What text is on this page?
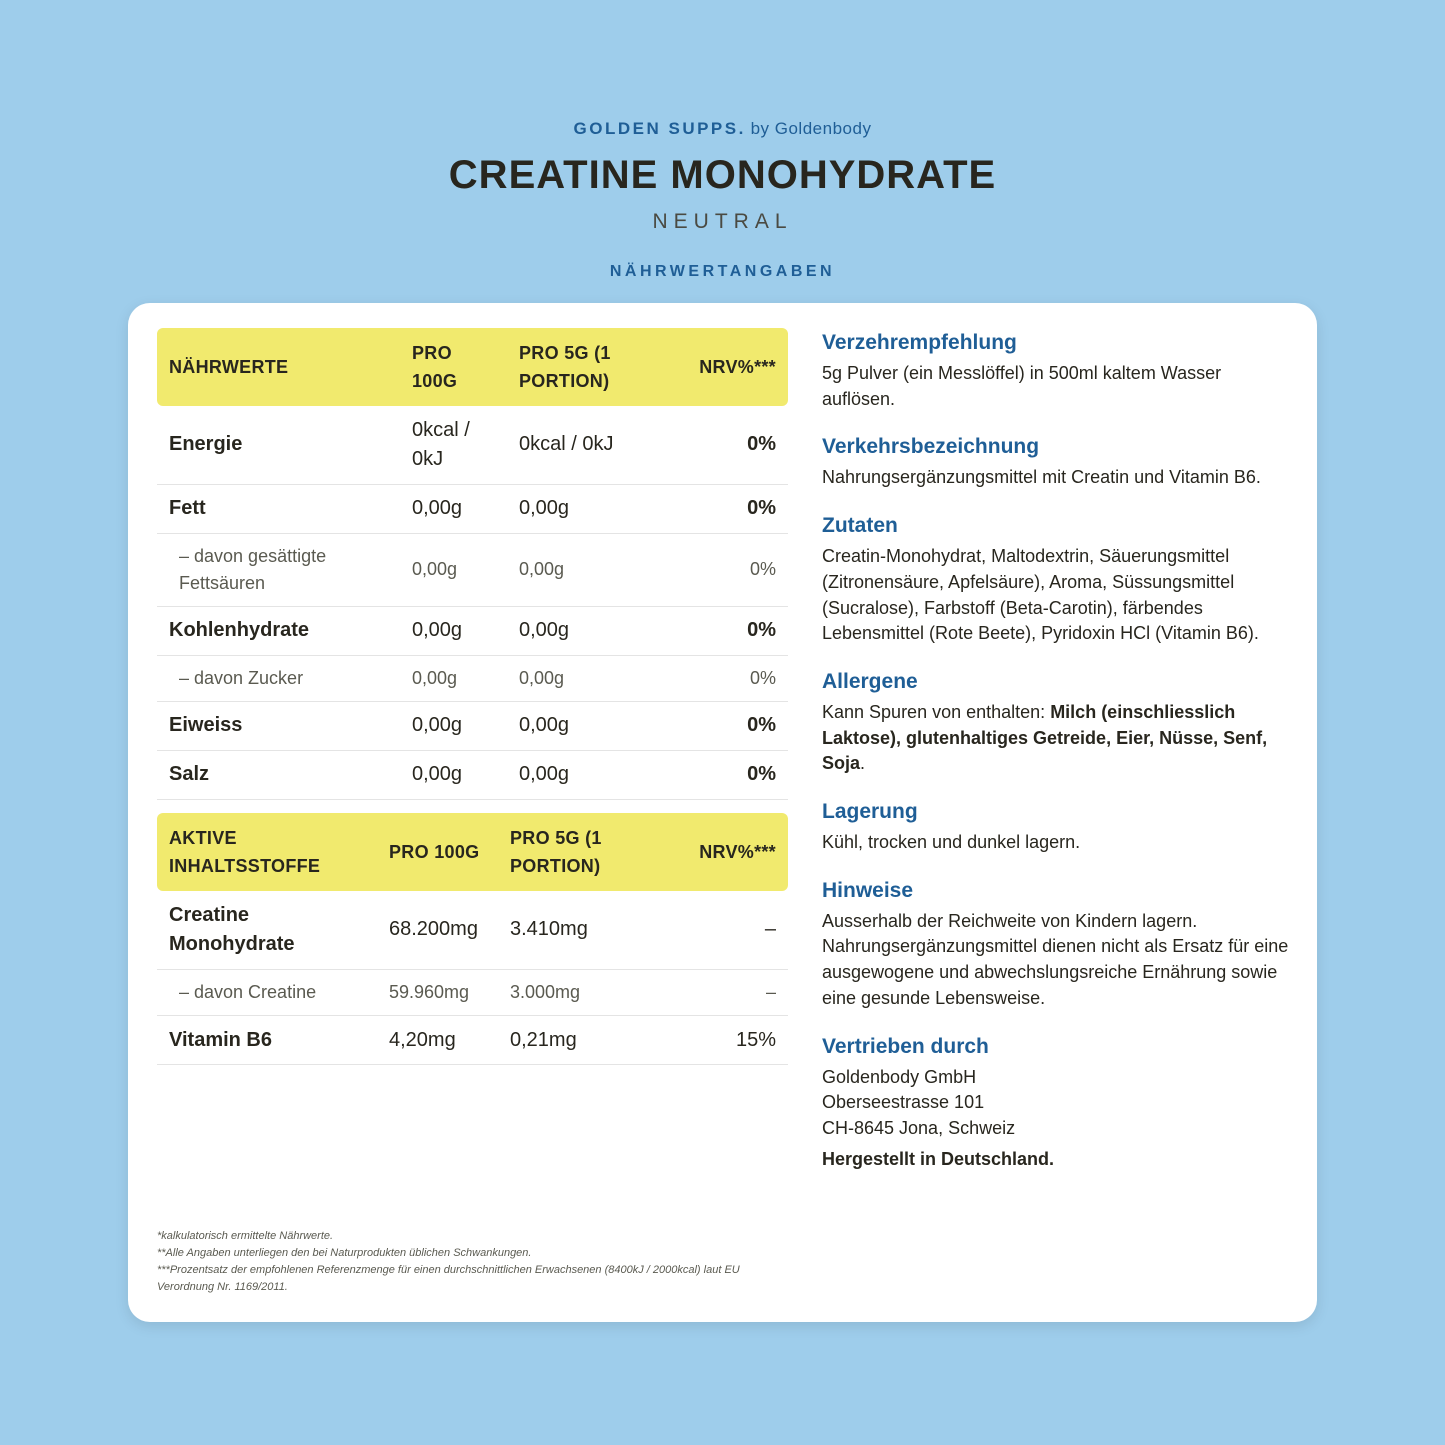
GOLDEN SUPPS. by Goldenbody
CREATINE MONOHYDRATE
NEUTRAL
NÄHRWERTANGABEN
NÄHRWERTE	PRO 100G	PRO 5G (1 PORTION)	NRV%***
Energie	0kcal / 0kJ	0kcal / 0kJ	0%
Fett	0,00g	0,00g	0%
– davon gesättigte Fettsäuren	0,00g	0,00g	0%
Kohlenhydrate	0,00g	0,00g	0%
– davon Zucker	0,00g	0,00g	0%
Eiweiss	0,00g	0,00g	0%
Salz	0,00g	0,00g	0%
AKTIVE INHALTSSTOFFE	PRO 100G	PRO 5G (1 PORTION)	NRV%***
Creatine Monohydrate	68.200mg	3.410mg	–
– davon Creatine	59.960mg	3.000mg	–
Vitamin B6	4,20mg	0,21mg	15%
*kalkulatorisch ermittelte Nährwerte.
**Alle Angaben unterliegen den bei Naturprodukten üblichen Schwankungen.
***Prozentsatz der empfohlenen Referenzmenge für einen durchschnittlichen Erwachsenen (8400kJ / 2000kcal) laut EU Verordnung Nr. 1169/2011.
Verzehrempfehlung

5g Pulver (ein Messlöffel) in 500ml kaltem Wasser auflösen.

Verkehrsbezeichnung

Nahrungsergänzungsmittel mit Creatin und Vitamin B6.

Zutaten

Creatin-Monohydrat, Maltodextrin, Säuerungsmittel (Zitronensäure, Apfelsäure), Aroma, Süssungsmittel (Sucralose), Farbstoff (Beta-Carotin), färbendes Lebensmittel (Rote Beete), Pyridoxin HCl (Vitamin B6).

Allergene

Kann Spuren von enthalten: Milch (einschliesslich Laktose), glutenhaltiges Getreide, Eier, Nüsse, Senf, Soja.

Lagerung

Kühl, trocken und dunkel lagern.

Hinweise

Ausserhalb der Reichweite von Kindern lagern. Nahrungsergänzungsmittel dienen nicht als Ersatz für eine ausgewogene und abwechslungsreiche Ernährung sowie eine gesunde Lebensweise.

Vertrieben durch

Goldenbody GmbH

Oberseestrasse 101

CH-8645 Jona, Schweiz

Hergestellt in Deutschland.
